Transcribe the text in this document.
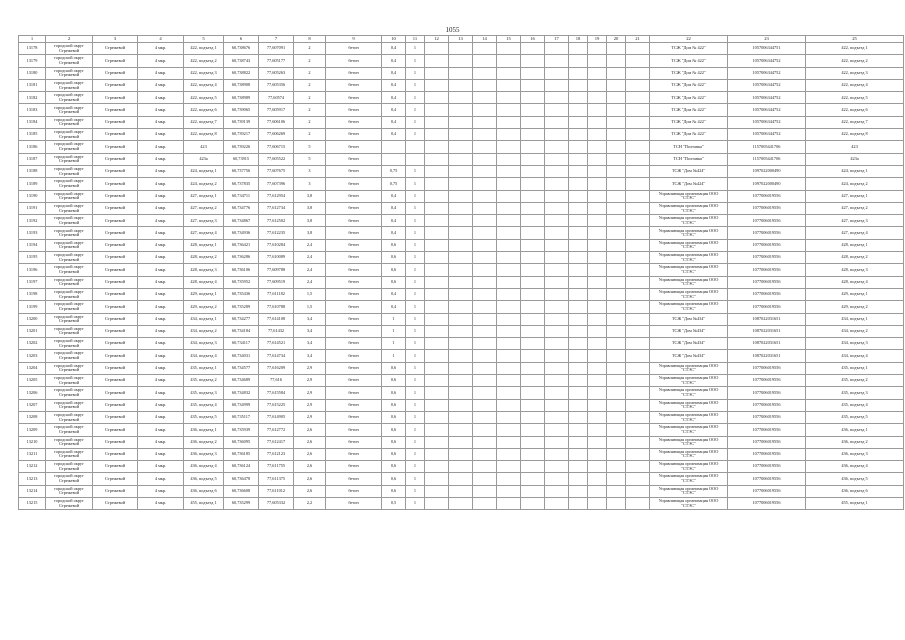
1055
1	2	3	4	5	6	7	8	9	10	11	12	13	14	15	16	17	18	19	20	21	22	23	25
13178	городской округ Стрежевой	Стрежевой	4 мкр.	422, подъезд 1	60,738676	77,607091	2	бетон	0,4	1											ТСЖ "Дом № 422"	1057006344751	422, подъезд 1
13179	городской округ Стрежевой	Стрежевой	4 мкр.	422, подъезд 2	60,738743	77,605177	2	бетон	0,4	1											ТСЖ "Дом № 422"	1057006344752	422, подъезд 2
13180	городской округ Стрежевой	Стрежевой	4 мкр.	422, подъезд 3	60,738822	77,605263	2	бетон	0,4	1											ТСЖ "Дом № 422"	1057006344752	422, подъезд 3
13181	городской округ Стрежевой	Стрежевой	4 мкр.	422, подъезд 4	60,738908	77,605356	2	бетон	0,4	1											ТСЖ "Дом № 422"	1057006344752	422, подъезд 4
13182	городской округ Стрежевой	Стрежевой	4 мкр.	422, подъезд 5	60,738989	77,60574	2	бетон	0,4	1											ТСЖ "Дом № 422"	1057006344752	422, подъезд 5
13183	городской округ Стрежевой	Стрежевой	4 мкр.	422, подъезд 6	60,739065	77,605917	2	бетон	0,4	1											ТСЖ "Дом № 422"	1057006344752	422, подъезд 6
13184	городской округ Стрежевой	Стрежевой	4 мкр.	422, подъезд 7	60,739139	77,606106	2	бетон	0,4	1											ТСЖ "Дом № 422"	1057006344752	422, подъезд 7
13185	городской округ Стрежевой	Стрежевой	4 мкр.	422, подъезд 8	60,739217	77,606269	2	бетон	0,4	1											ТСЖ "Дом № 422"	1057006344752	422, подъезд 8
13186	городской округ Стрежевой	Стрежевой	4 мкр.	423	60,739226	77,606715	5	бетон													ТСН "Полтавка"	1157005441706	423
13187	городской округ Стрежевой	Стрежевой	4 мкр.	423а	60,73915	77,605522	5	бетон													ТСН "Полтавка"	1157005441706	423а
13188	городской округ Стрежевой	Стрежевой	4 мкр.	424, подъезд 1	60,737756	77,607675	3	бетон	0,75	1											ТСЖ "Дом №424"	1097022000490	424, подъезд 1
13189	городской округ Стрежевой	Стрежевой	4 мкр.	424, подъезд 2	60,737835	77,607396	3	бетон	0,75	1											ТСЖ "Дом №424"	1097022000490	424, подъезд 2
13190	городской округ Стрежевой	Стрежевой	4 мкр.	427, подъезд 1	60,734711	77,612954	3,8	бетон	0,4	1											Управляющая организация ООО "СТЭС"	1077006019556	427, подъезд 1
13191	городской округ Стрежевой	Стрежевой	4 мкр.	427, подъезд 2	60,734776	77,612734	3,8	бетон	0,4	1											Управляющая организация ООО "СТЭС"	1077006019556	427, подъезд 2
13192	городской округ Стрежевой	Стрежевой	4 мкр.	427, подъезд 3	60,734867	77,612502	3,8	бетон	0,4	1											Управляющая организация ООО "СТЭС"	1077006019556	427, подъезд 3
13193	городской округ Стрежевой	Стрежевой	4 мкр.	427, подъезд 4	60,734936	77,612235	3,8	бетон	0,4	1											Управляющая организация ООО "СТЭС"	1077006019556	427, подъезд 4
13194	городской округ Стрежевой	Стрежевой	4 мкр.	428, подъезд 1	60,736421	77,610284	2,4	бетон	0,6	1											Управляющая организация ООО "СТЭС"	1077006019556	428, подъезд 1
13195	городской округ Стрежевой	Стрежевой	4 мкр.	428, подъезд 2	60,736286	77,610089	2,4	бетон	0,6	1											Управляющая организация ООО "СТЭС"	1077006019556	428, подъезд 2
13196	городской округ Стрежевой	Стрежевой	4 мкр.	428, подъезд 3	60,736106	77,609788	2,4	бетон	0,6	1											Управляющая организация ООО "СТЭС"	1077006019556	428, подъезд 3
13197	городской округ Стрежевой	Стрежевой	4 мкр.	428, подъезд 4	60,735952	77,609519	2,4	бетон	0,6	1											Управляющая организация ООО "СТЭС"	1077006019556	428, подъезд 4
13198	городской округ Стрежевой	Стрежевой	4 мкр.	429, подъезд 1	60,735436	77,611182	1,5	бетон	0,4	1											Управляющая организация ООО "СТЭС"	1077006019556	429, подъезд 1
13199	городской округ Стрежевой	Стрежевой	4 мкр.	429, подъезд 2	60,735289	77,610788	1,5	бетон	0,4	1											Управляющая организация ООО "СТЭС"	1077006019556	429, подъезд 2
13200	городской округ Стрежевой	Стрежевой	4 мкр.	434, подъезд 1	60,734277	77,614108	3,4	бетон	1	1											ТСЖ "Дом №434"	1087022031651	434, подъезд 1
13201	городской округ Стрежевой	Стрежевой	4 мкр.	434, подъезд 2	60,734184	77,61432	3,4	бетон	1	1											ТСЖ "Дом №434"	1087022031651	434, подъезд 2
13202	городской округ Стрежевой	Стрежевой	4 мкр.	434, подъезд 3	60,734117	77,614521	3,4	бетон	1	1											ТСЖ "Дом №434"	1087022031651	434, подъезд 3
13203	городской округ Стрежевой	Стрежевой	4 мкр.	434, подъезд 4	60,734031	77,614734	3,4	бетон	1	1											ТСЖ "Дом №434"	1087022031651	434, подъезд 4
13204	городской округ Стрежевой	Стрежевой	4 мкр.	435, подъезд 1	60,734577	77,616209	2,9	бетон	0,6	1											Управляющая организация ООО "СТЭС"	1077006019556	435, подъезд 1
13205	городской округ Стрежевой	Стрежевой	4 мкр.	435, подъезд 2	60,734689	77,616	2,9	бетон	0,6	1											Управляющая организация ООО "СТЭС"	1077006019556	435, подъезд 2
13206	городской округ Стрежевой	Стрежевой	4 мкр.	435, подъезд 3	60,734832	77,615584	2,9	бетон	0,6	1											Управляющая организация ООО "СТЭС"	1077006019556	435, подъезд 3
13207	городской округ Стрежевой	Стрежевой	4 мкр.	435, подъезд 4	60,734999	77,615225	2,9	бетон	0,6	1											Управляющая организация ООО "СТЭС"	1077006019556	435, подъезд 4
13208	городской округ Стрежевой	Стрежевой	4 мкр.	435, подъезд 5	60,735117	77,614905	2,9	бетон	0,6	1											Управляющая организация ООО "СТЭС"	1077006019556	435, подъезд 5
13209	городской округ Стрежевой	Стрежевой	4 мкр.	436, подъезд 1	60,735939	77,612772	2,6	бетон	0,6	1											Управляющая организация ООО "СТЭС"	1077006019556	436, подъезд 1
13210	городской округ Стрежевой	Стрежевой	4 мкр.	436, подъезд 2	60,736095	77,612417	2,6	бетон	0,6	1											Управляющая организация ООО "СТЭС"	1077006019556	436, подъезд 2
13211	городской округ Стрежевой	Стрежевой	4 мкр.	436, подъезд 3	60,736185	77,612123	2,6	бетон	0,6	1											Управляющая организация ООО "СТЭС"	1077006019556	436, подъезд 3
13212	городской округ Стрежевой	Стрежевой	4 мкр.	436, подъезд 4	60,736124	77,611755	2,6	бетон	0,6	1											Управляющая организация ООО "СТЭС"	1077006019556	436, подъезд 4
13213	городской округ Стрежевой	Стрежевой	4 мкр.	436, подъезд 5	60,736478	77,611375	2,6	бетон	0,6	1											Управляющая организация ООО "СТЭС"	1077006019556	436, подъезд 5
13214	городской округ Стрежевой	Стрежевой	4 мкр.	436, подъезд 6	60,736608	77,611012	2,6	бетон	0,6	1											Управляющая организация ООО "СТЭС"	1077006019556	436, подъезд 6
13215	городской округ Стрежевой	Стрежевой	4 мкр.	455, подъезд 1	60,735299	77,605332	2,2	бетон	0,5	1											Управляющая организация ООО "СТЭС"	1077006019556	455, подъезд 1
